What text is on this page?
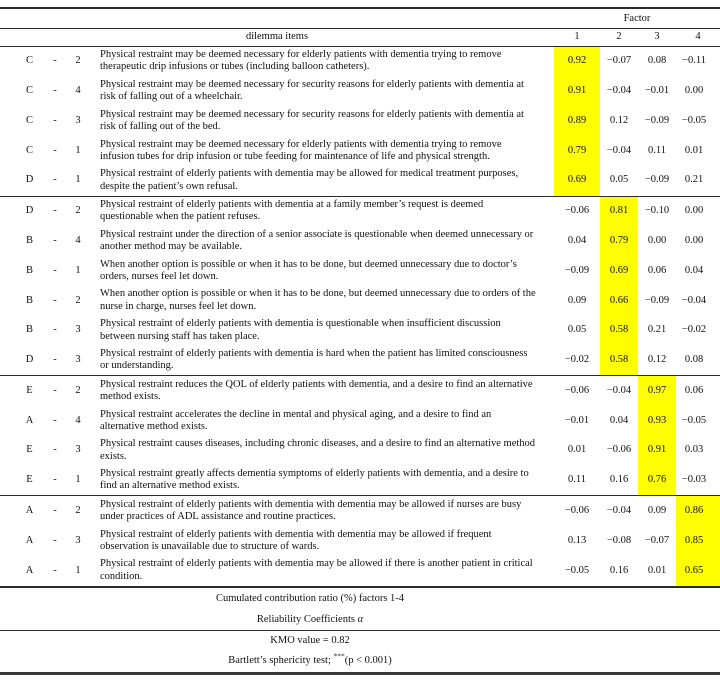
				Factor			
dilemma items				1	2	3	4
C	-	2	Physical restraint may be deemed necessary for elderly patients with dementia trying to remove therapeutic drip infusions or tubes (including balloon catheters).	0.92	−0.07	0.08	−0.11
C	-	4	Physical restraint may be deemed necessary for security reasons for elderly patients with dementia at risk of falling out of a wheelchair.	0.91	−0.04	−0.01	0.00
C	-	3	Physical restraint may be deemed necessary for security reasons for elderly patients with dementia at risk of falling out of the bed.	0.89	0.12	−0.09	−0.05
C	-	1	Physical restraint may be deemed necessary for elderly patients with dementia trying to remove infusion tubes for drip infusion or tube feeding for maintenance of life and physical strength.	0.79	−0.04	0.11	0.01
D	-	1	Physical restraint of elderly patients with dementia may be allowed for medical treatment purposes, despite the patient’s own refusal.	0.69	0.05	−0.09	0.21
D	-	2	Physical restraint of elderly patients with dementia at a family member’s request is deemed questionable when the patient refuses.	−0.06	0.81	−0.10	0.00
B	-	4	Physical restraint under the direction of a senior associate is questionable when deemed unnecessary or another method may be available.	0.04	0.79	0.00	0.00
B	-	1	When another option is possible or when it has to be done, but deemed unnecessary due to doctor’s orders, nurses feel let down.	−0.09	0.69	0.06	0.04
B	-	2	When another option is possible or when it has to be done, but deemed unnecessary due to orders of the nurse in charge, nurses feel let down.	0.09	0.66	−0.09	−0.04
B	-	3	Physical restraint of elderly patients with dementia is questionable when insufficient discussion between nursing staff has taken place.	0.05	0.58	0.21	−0.02
D	-	3	Physical restraint of elderly patients with dementia is hard when the patient has limited consciousness or understanding.	−0.02	0.58	0.12	0.08
E	-	2	Physical restraint reduces the QOL of elderly patients with dementia, and a desire to find an alternative method exists.	−0.06	−0.04	0.97	0.06
A	-	4	Physical restraint accelerates the decline in mental and physical aging, and a desire to find an alternative method exists.	−0.01	0.04	0.93	−0.05
E	-	3	Physical restraint causes diseases, including chronic diseases, and a desire to find an alternative method exists.	0.01	−0.06	0.91	0.03
E	-	1	Physical restraint greatly affects dementia symptoms of elderly patients with dementia, and a desire to find an alternative method exists.	0.11	0.16	0.76	−0.03
A	-	2	Physical restraint of elderly patients with dementia with dementia may be allowed if nurses are busy under practices of ADL assistance and routine practices.	−0.06	−0.04	0.09	0.86
A	-	3	Physical restraint of elderly patients with dementia with dementia may be allowed if frequent observation is unavailable due to structure of wards.	0.13	−0.08	−0.07	0.85
A	-	1	Physical restraint of elderly patients with dementia may be allowed if there is another patient in critical condition.	−0.05	0.16	0.01	0.65
Cumulated contribution ratio (%) factors 1-4							
Reliability Coefficients α							
KMO value = 0.82							
Bartlett’s sphericity test; ***(p < 0.001)							
